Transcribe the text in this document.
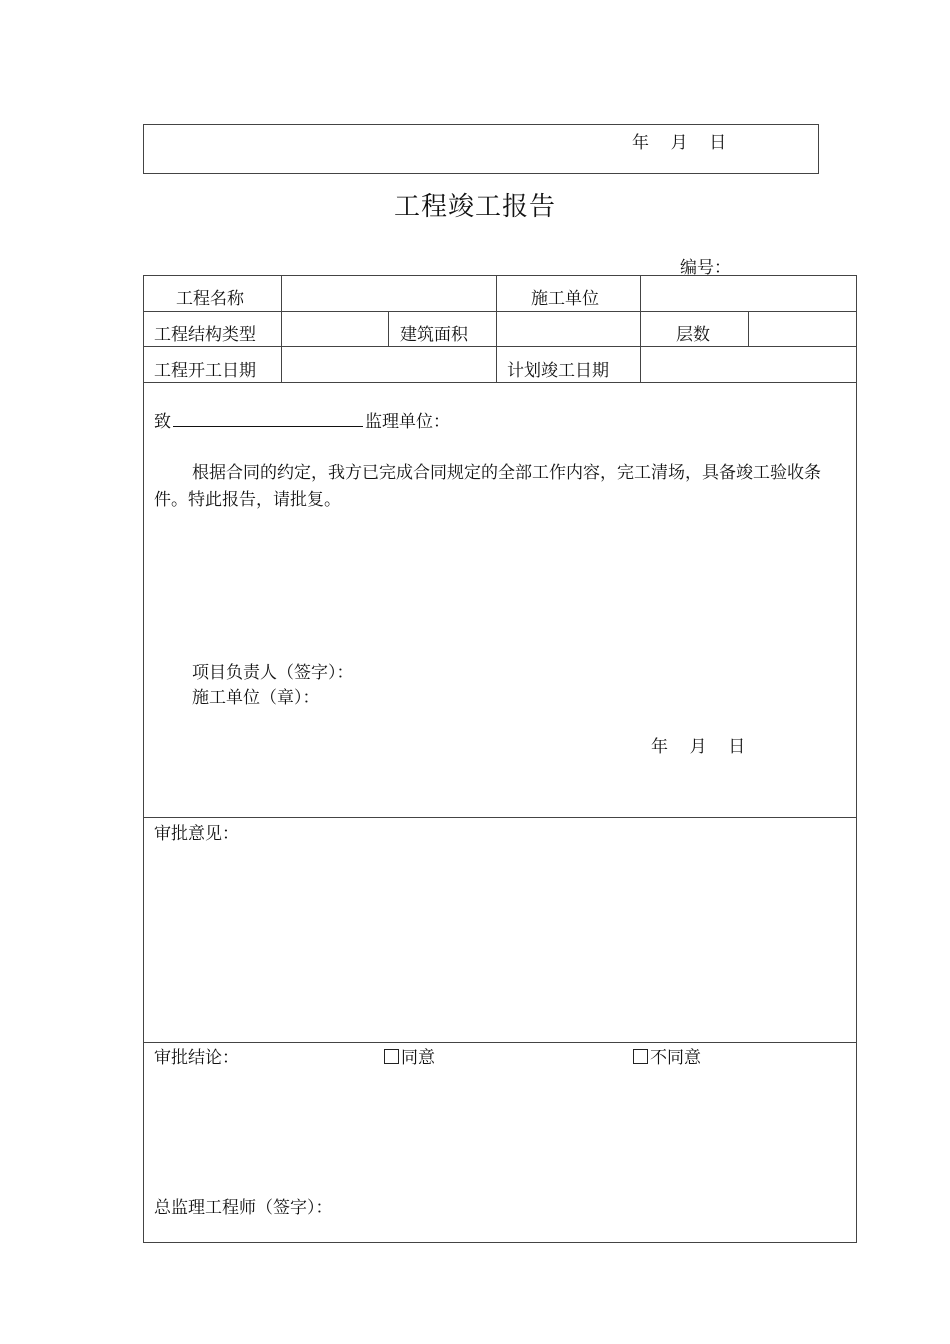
年    月    日
工程竣工报告
编号：
工程名称	施工单位
工程结构类型	建筑面积	层数
工程开工日期	计划竣工日期
致	监理单位：
根据合同的约定，我方已完成合同规定的全部工作内容，完工清场，具备竣工验收条件。特此报告，请批复。
项目负责人（签字）：
施工单位（章）：
年    月    日
审批意见：
审批结论：	同意	不同意
总监理工程师（签字）：
